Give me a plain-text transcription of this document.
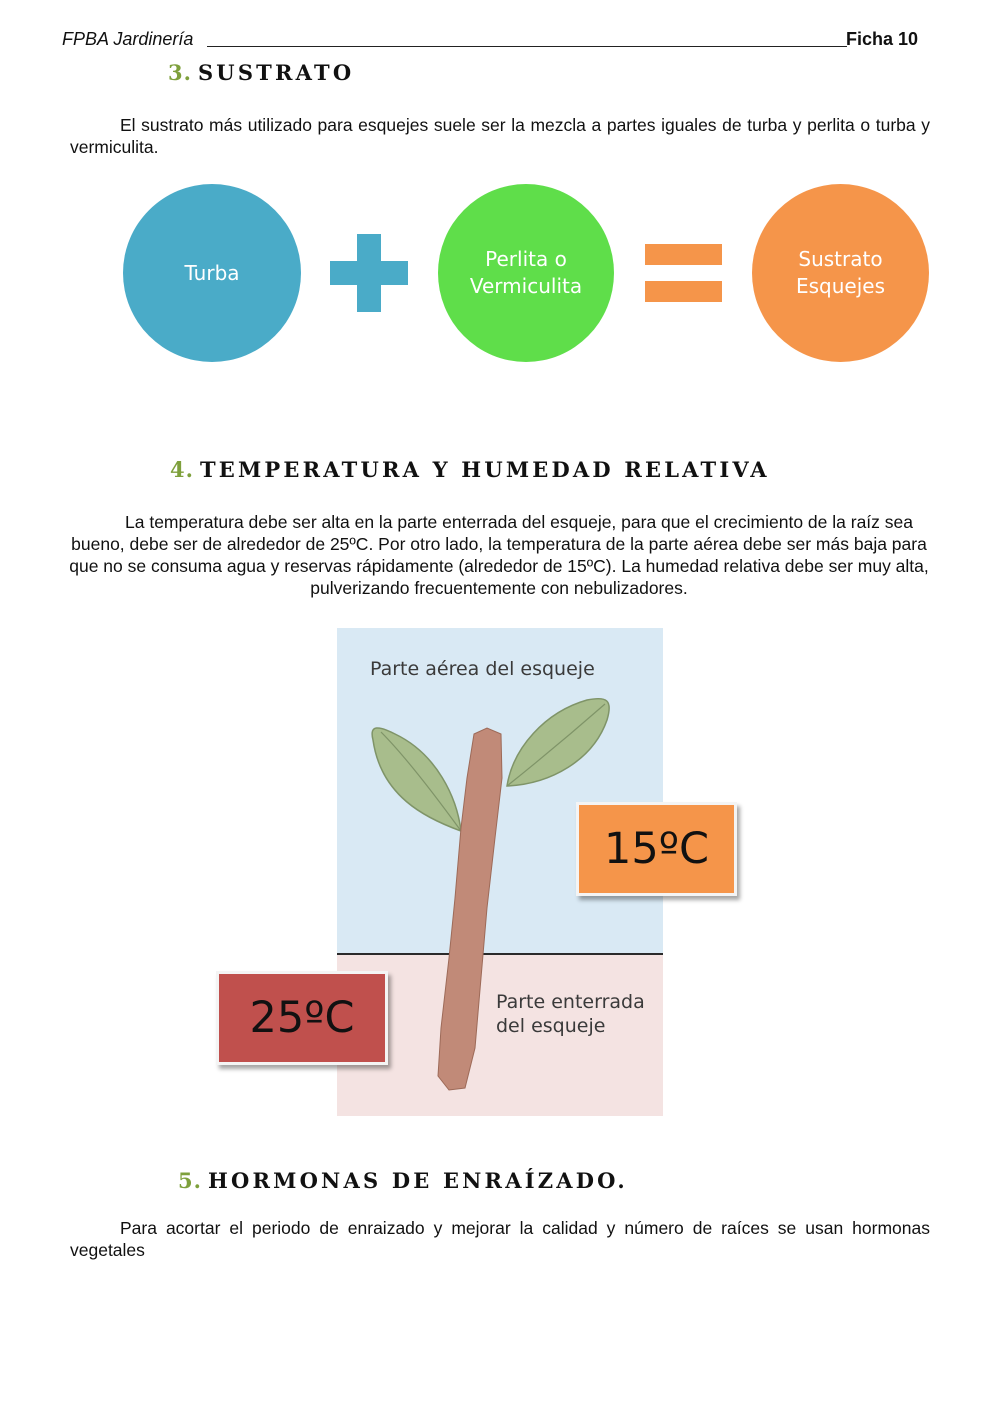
FPBA Jardinería	Ficha 10
3. SUSTRATO
El sustrato más utilizado para esquejes suele ser la mezcla a partes iguales de turba y perlita o turba y vermiculita.
Turba
Perlita o
Vermiculita
Sustrato
Esquejes
4. TEMPERATURA Y HUMEDAD RELATIVA
La temperatura debe ser alta en la parte enterrada del esqueje, para que el crecimiento de la raíz sea bueno, debe ser de alrededor de 25ºC. Por otro lado, la temperatura de la parte aérea debe ser más baja para que no se consuma agua y reservas rápidamente (alrededor de 15ºC). La humedad relativa debe ser muy alta, pulverizando frecuentemente con nebulizadores.
Parte aérea del esqueje
Parte enterrada
del esqueje
15ºC
25ºC
5. HORMONAS DE ENRAÍZADO.
Para acortar el periodo de enraizado y mejorar la calidad y número de raíces se usan hormonas vegetales
